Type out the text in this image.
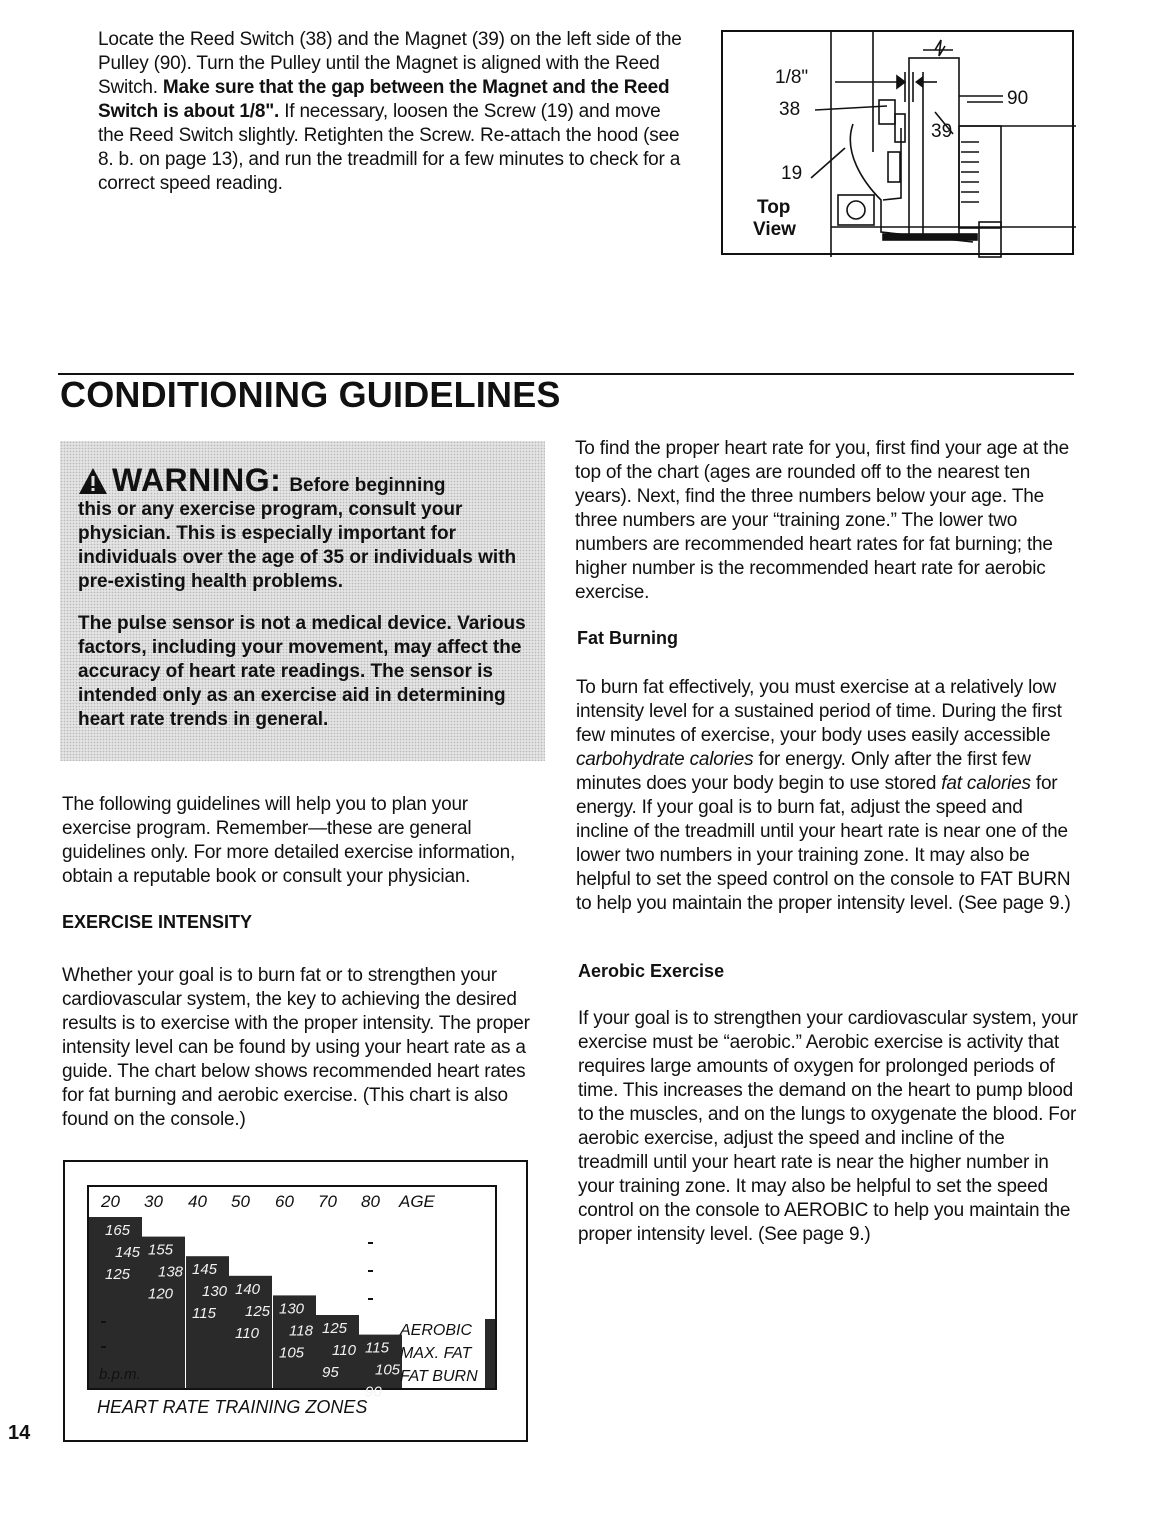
Locate the Reed Switch (38) and the Magnet (39) on the left side of the Pulley (90). Turn the Pulley until the Magnet is aligned with the Reed Switch. Make sure that the gap between the Magnet and the Reed Switch is about 1/8". If necessary, loosen the Screw (19) and move the Reed Switch slightly. Retighten the Screw. Re-attach the hood (see 8. b. on page 13), and run the treadmill for a few minutes to check for a correct speed reading.

1/8"
38
90
39
19
Top
View
CONDITIONING GUIDELINES

WARNING: Before beginning

this or any exercise program, consult your physician. This is especially important for individuals over the age of 35 or individuals with pre-existing health problems.

The pulse sensor is not a medical device. Various factors, including your movement, may affect the accuracy of heart rate readings. The sensor is intended only as an exercise aid in determining heart rate trends in general.

The following guidelines will help you to plan your exercise program. Remember—these are general guidelines only. For more detailed exercise information, obtain a reputable book or consult your physician.

EXERCISE INTENSITY

Whether your goal is to burn fat or to strengthen your cardiovascular system, the key to achieving the desired results is to exercise with the proper intensity. The proper intensity level can be found by using your heart rate as a guide. The chart below shows recommended heart rates for fat burning and aerobic exercise. (This chart is also found on the console.)

20 30 40 50 60 70 80 AGE
165
145
125
155
138
120
145
130
115
140
125
110
130
118
105
125
110
95
115
105
90
AEROBIC
MAX. FAT
FAT BURN
b.p.m.

HEART RATE TRAINING ZONES

To find the proper heart rate for you, first find your age at the top of the chart (ages are rounded off to the nearest ten years). Next, find the three numbers below your age. The three numbers are your “training zone.” The lower two numbers are recommended heart rates for fat burning; the higher number is the recommended heart rate for aerobic exercise.

Fat Burning

To burn fat effectively, you must exercise at a relatively low intensity level for a sustained period of time. During the first few minutes of exercise, your body uses easily accessible carbohydrate calories for energy. Only after the first few minutes does your body begin to use stored fat calories for energy. If your goal is to burn fat, adjust the speed and incline of the treadmill until your heart rate is near one of the lower two numbers in your training zone. It may also be helpful to set the speed control on the console to FAT BURN to help you maintain the proper intensity level. (See page 9.)

Aerobic Exercise

If your goal is to strengthen your cardiovascular system, your exercise must be “aerobic.” Aerobic exercise is activity that requires large amounts of oxygen for prolonged periods of time. This increases the demand on the heart to pump blood to the muscles, and on the lungs to oxygenate the blood. For aerobic exercise, adjust the speed and incline of the treadmill until your heart rate is near the higher number in your training zone. It may also be helpful to set the speed control on the console to AEROBIC to help you maintain the proper intensity level. (See page 9.)

14
